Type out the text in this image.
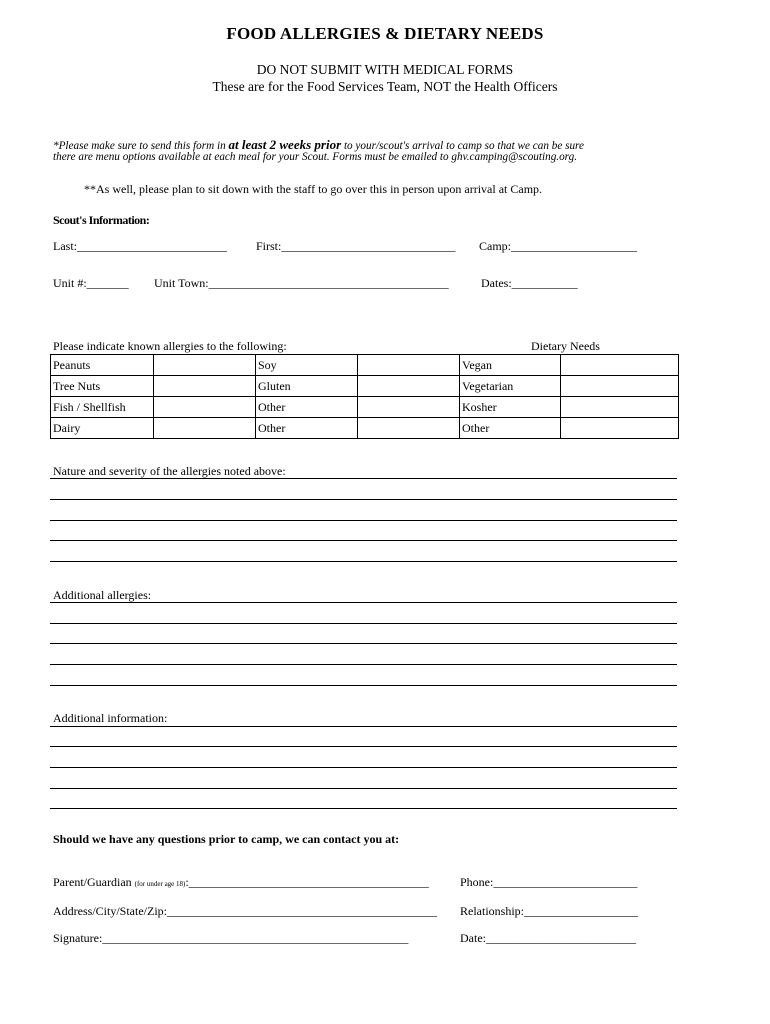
FOOD ALLERGIES & DIETARY NEEDS
DO NOT SUBMIT WITH MEDICAL FORMS
These are for the Food Services Team, NOT the Health Officers
*Please make sure to send this form in at least 2 weeks prior to your/scout's arrival to camp so that we can be sure
there are menu options available at each meal for your Scout. Forms must be emailed to ghv.camping@scouting.org.
**As well, please plan to sit down with the staff to go over this in person upon arrival at Camp.
Scout's Information:
Last:_________________________ First:_____________________________ Camp:_____________________
Unit #:_______ Unit Town:________________________________________	Dates:___________
Please indicate known allergies to the following:	Dietary Needs
Peanuts		Soy		Vegan	
Tree Nuts		Gluten		Vegetarian	
Fish / Shellfish		Other		Kosher	
Dairy		Other		Other	
Nature and severity of the allergies noted above:
Additional allergies:
Additional information:
Should we have any questions prior to camp, we can contact you at:
Parent/Guardian (for under age 18):________________________________________	Phone:________________________
Address/City/State/Zip:_____________________________________________ Relationship:___________________
Signature:___________________________________________________	Date:_________________________
